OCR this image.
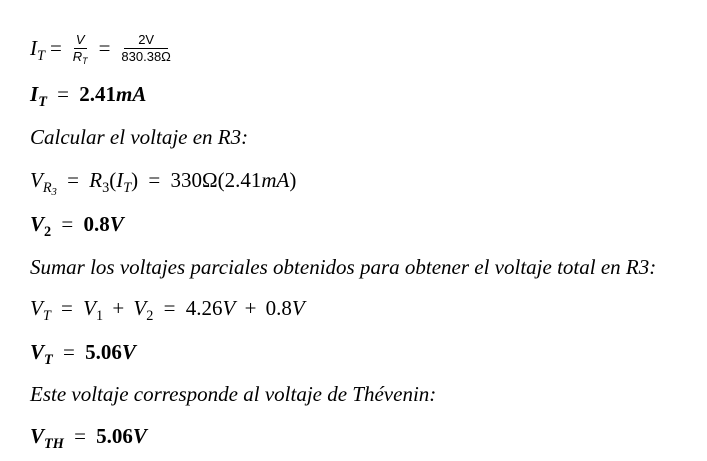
$I_T = \frac{V}{R_T} = \frac{2V}{830.38\Omega}$
$I_T = 2.41mA$
Calcular el voltaje en R3:
$V_{R_3} = R_3(I_T) = 330\Omega(2.41mA)$
$V_2 = 0.8V$
Sumar los voltajes parciales obtenidos para obtener el voltaje total en R3:
$V_T = V_1 + V_2 = 4.26V + 0.8V$
$V_T = 5.06V$
Este voltaje corresponde al voltaje de Thévenin:
$V_{TH} = 5.06V$
